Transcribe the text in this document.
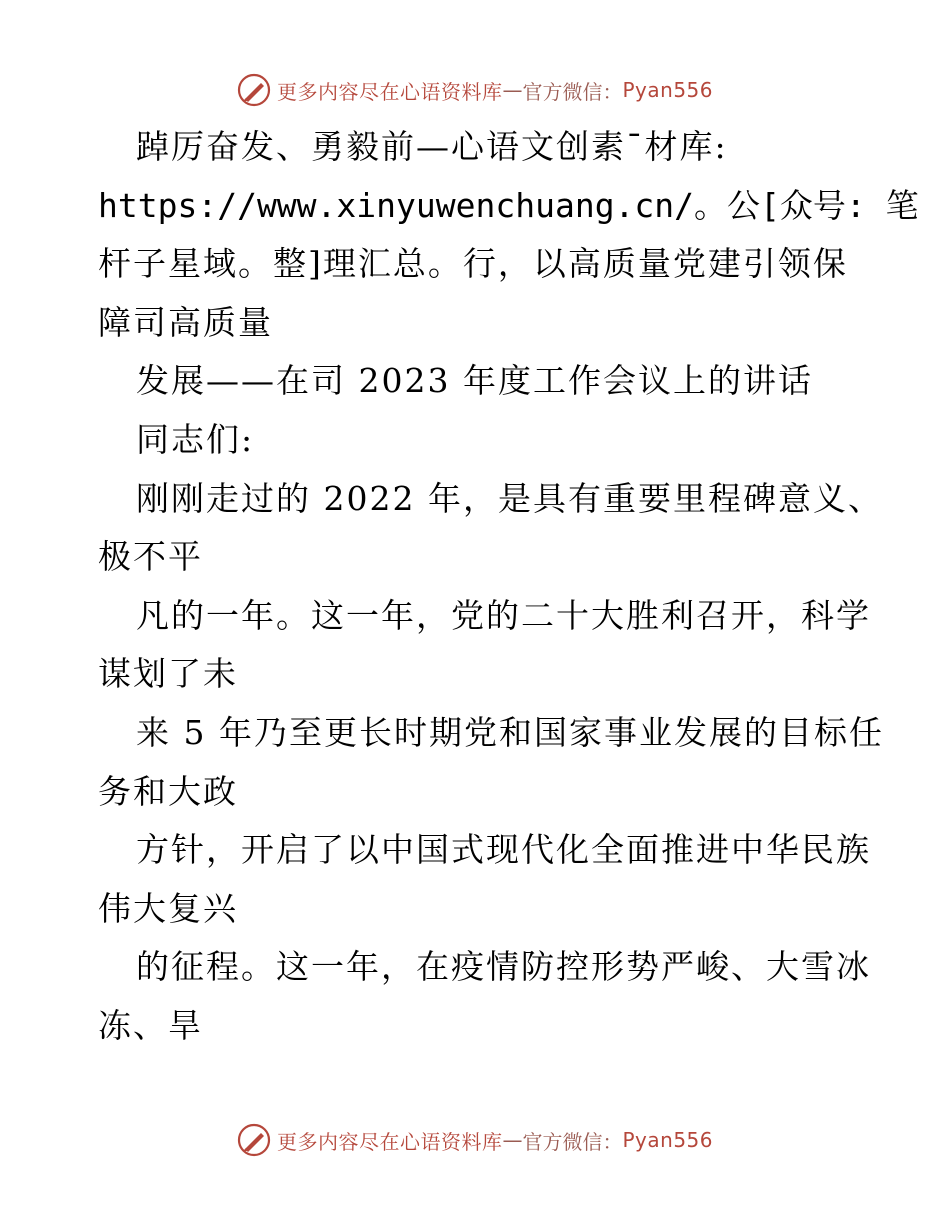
更多内容尽在心语资料库 — 官方微信： Pyan556
踔厉奋发、勇毅前—心语文创素¯材库:
https://www.xinyuwenchuang.cn/。公[众号: 笔
杆子星域。整]理汇总。行，以高质量党建引领保
障司高质量
发展——在司 2023 年度工作会议上的讲话
同志们:
刚刚走过的 2022 年，是具有重要里程碑意义、
极不平
凡的一年。这一年，党的二十大胜利召开，科学
谋划了未
来 5 年乃至更长时期党和国家事业发展的目标任
务和大政
方针，开启了以中国式现代化全面推进中华民族
伟大复兴
的征程。这一年，在疫情防控形势严峻、大雪冰
冻、旱
更多内容尽在心语资料库 — 官方微信： Pyan556
